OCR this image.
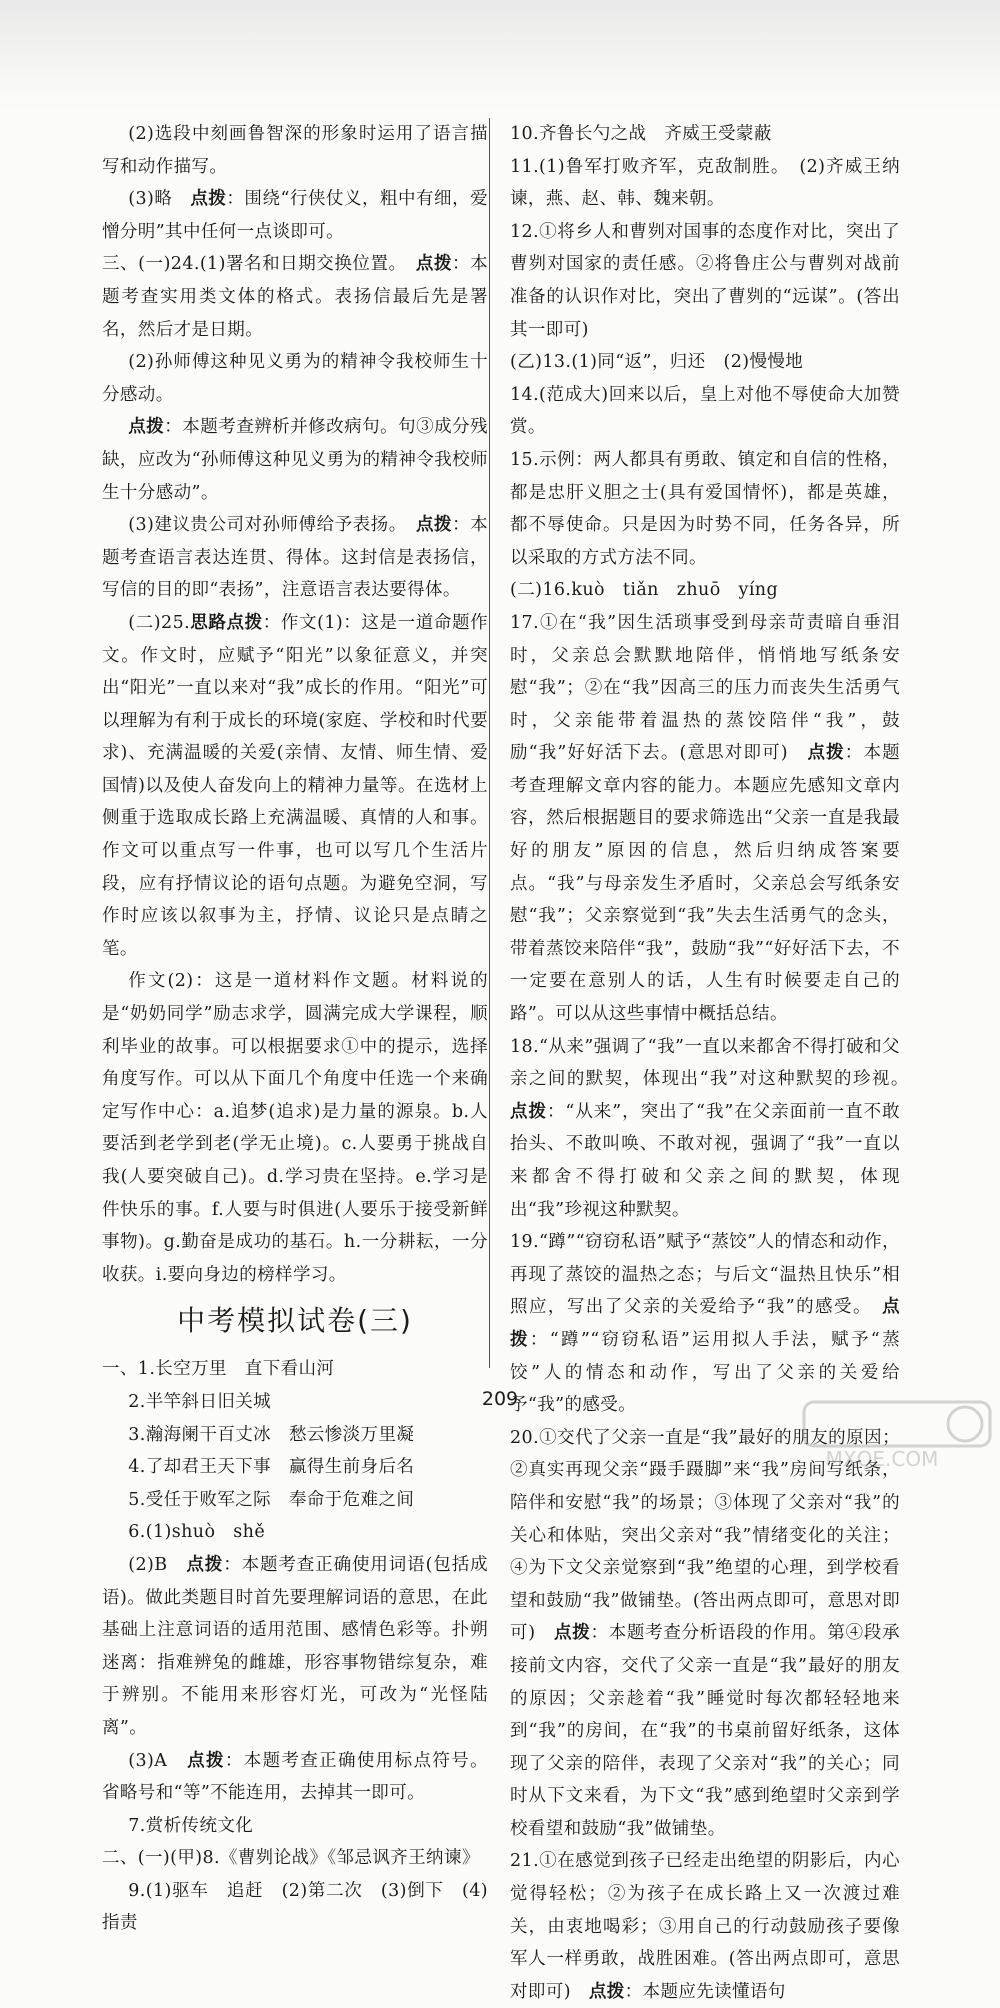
(2)选段中刻画鲁智深的形象时运用了语言描写和动作描写。

(3)略　点拨：围绕“行侠仗义，粗中有细，爱憎分明”其中任何一点谈即可。

三、(一)24.(1)署名和日期交换位置。　点拨：本题考查实用类文体的格式。表扬信最后先是署名，然后才是日期。

(2)孙师傅这种见义勇为的精神令我校师生十分感动。

点拨：本题考查辨析并修改病句。句③成分残缺，应改为“孙师傅这种见义勇为的精神令我校师生十分感动”。

(3)建议贵公司对孙师傅给予表扬。　点拨：本题考查语言表达连贯、得体。这封信是表扬信，写信的目的即“表扬”，注意语言表达要得体。

(二)25.思路点拨：作文(1)：这是一道命题作文。作文时，应赋予“阳光”以象征意义，并突出“阳光”一直以来对“我”成长的作用。“阳光”可以理解为有利于成长的环境(家庭、学校和时代要求)、充满温暖的关爱(亲情、友情、师生情、爱国情)以及使人奋发向上的精神力量等。在选材上侧重于选取成长路上充满温暖、真情的人和事。作文可以重点写一件事，也可以写几个生活片段，应有抒情议论的语句点题。为避免空洞，写作时应该以叙事为主，抒情、议论只是点睛之笔。

作文(2)：这是一道材料作文题。材料说的是“奶奶同学”励志求学，圆满完成大学课程，顺利毕业的故事。可以根据要求①中的提示，选择角度写作。可以从下面几个角度中任选一个来确定写作中心：a.追梦(追求)是力量的源泉。b.人要活到老学到老(学无止境)。c.人要勇于挑战自我(人要突破自己)。d.学习贵在坚持。e.学习是件快乐的事。f.人要与时俱进(人要乐于接受新鲜事物)。g.勤奋是成功的基石。h.一分耕耘，一分收获。i.要向身边的榜样学习。

中考模拟试卷(三)

一、1.长空万里　直下看山河

2.半竿斜日旧关城

3.瀚海阑干百丈冰　愁云惨淡万里凝

4.了却君王天下事　赢得生前身后名

5.受任于败军之际　奉命于危难之间

6.(1)shuò　shě

(2)B　点拨：本题考查正确使用词语(包括成语)。做此类题目时首先要理解词语的意思，在此基础上注意词语的适用范围、感情色彩等。扑朔迷离：指难辨兔的雌雄，形容事物错综复杂，难于辨别。不能用来形容灯光，可改为“光怪陆离”。

(3)A　点拨：本题考查正确使用标点符号。省略号和“等”不能连用，去掉其一即可。

7.赏析传统文化

二、(一)(甲)8.《曹刿论战》《邹忌讽齐王纳谏》

9.(1)驱车　追赶　(2)第二次　(3)倒下　(4)指责

10.齐鲁长勺之战　齐威王受蒙蔽

11.(1)鲁军打败齐军，克敌制胜。　(2)齐威王纳谏，燕、赵、韩、魏来朝。

12.①将乡人和曹刿对国事的态度作对比，突出了曹刿对国家的责任感。②将鲁庄公与曹刿对战前准备的认识作对比，突出了曹刿的“远谋”。(答出其一即可)

(乙)13.(1)同“返”，归还　(2)慢慢地

14.(范成大)回来以后，皇上对他不辱使命大加赞赏。

15.示例：两人都具有勇敢、镇定和自信的性格，都是忠肝义胆之士(具有爱国情怀)，都是英雄，都不辱使命。只是因为时势不同，任务各异，所以采取的方式方法不同。

(二)16.kuò　tiǎn　zhuō　yíng

17.①在“我”因生活琐事受到母亲苛责暗自垂泪时，父亲总会默默地陪伴，悄悄地写纸条安慰“我”；②在“我”因高三的压力而丧失生活勇气时，父亲能带着温热的蒸饺陪伴“我”，鼓励“我”好好活下去。(意思对即可)　点拨：本题考查理解文章内容的能力。本题应先感知文章内容，然后根据题目的要求筛选出“父亲一直是我最好的朋友”原因的信息，然后归纳成答案要点。“我”与母亲发生矛盾时，父亲总会写纸条安慰“我”；父亲察觉到“我”失去生活勇气的念头，带着蒸饺来陪伴“我”，鼓励“我”“好好活下去，不一定要在意别人的话，人生有时候要走自己的路”。可以从这些事情中概括总结。

18.“从来”强调了“我”一直以来都舍不得打破和父亲之间的默契，体现出“我”对这种默契的珍视。　点拨：“从来”，突出了“我”在父亲面前一直不敢抬头、不敢叫唤、不敢对视，强调了“我”一直以来都舍不得打破和父亲之间的默契，体现出“我”珍视这种默契。

19.“蹲”“窃窃私语”赋予“蒸饺”人的情态和动作，再现了蒸饺的温热之态；与后文“温热且快乐”相照应，写出了父亲的关爱给予“我”的感受。　点拨：“蹲”“窃窃私语”运用拟人手法，赋予“蒸饺”人的情态和动作，写出了父亲的关爱给予“我”的感受。

20.①交代了父亲一直是“我”最好的朋友的原因；②真实再现父亲“蹑手蹑脚”来“我”房间写纸条，陪伴和安慰“我”的场景；③体现了父亲对“我”的关心和体贴，突出父亲对“我”情绪变化的关注；④为下文父亲觉察到“我”绝望的心理，到学校看望和鼓励“我”做铺垫。(答出两点即可，意思对即可)　点拨：本题考查分析语段的作用。第④段承接前文内容，交代了父亲一直是“我”最好的朋友的原因；父亲趁着“我”睡觉时每次都轻轻地来到“我”的房间，在“我”的书桌前留好纸条，这体现了父亲的陪伴，表现了父亲对“我”的关心；同时从下文来看，为下文“我”感到绝望时父亲到学校看望和鼓励“我”做铺垫。

21.①在感觉到孩子已经走出绝望的阴影后，内心觉得轻松；②为孩子在成长路上又一次渡过难关，由衷地喝彩；③用自己的行动鼓励孩子要像军人一样勇敢，战胜困难。(答出两点即可，意思对即可)　点拨：本题应先读懂语句

209
MXQE.COM
